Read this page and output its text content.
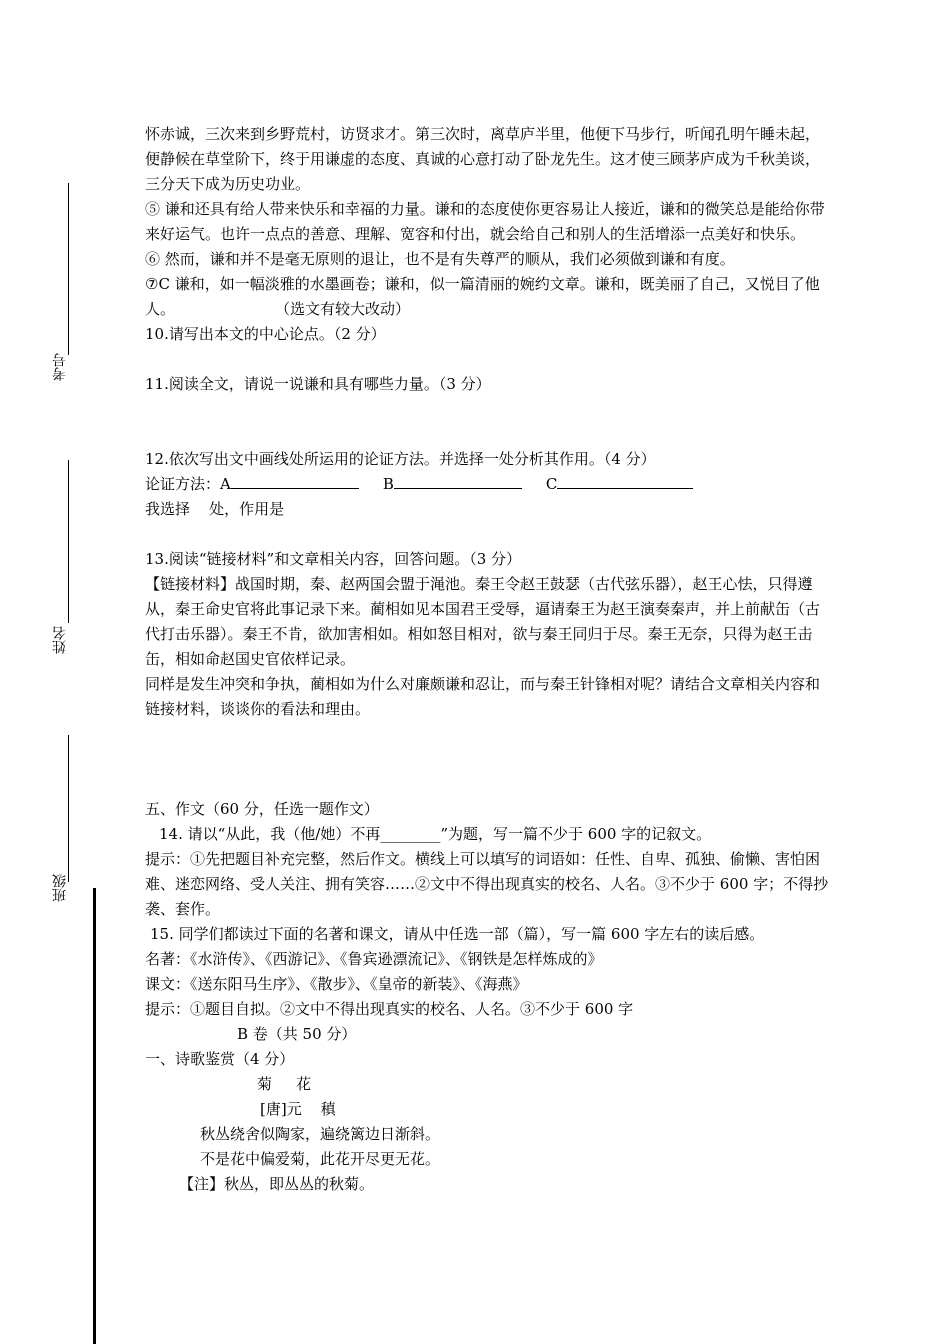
考号
姓名
班级

怀赤诚，三次来到乡野荒村，访贤求才。第三次时，离草庐半里，他便下马步行，听闻孔明午睡未起，便静候在草堂阶下，终于用谦虚的态度、真诚的心意打动了卧龙先生。这才使三顾茅庐成为千秋美谈，三分天下成为历史功业。

⑤ 谦和还具有给人带来快乐和幸福的力量。谦和的态度使你更容易让人接近，谦和的微笑总是能给你带来好运气。也许一点点的善意、理解、宽容和付出，就会给自己和别人的生活增添一点美好和快乐。

⑥ 然而，谦和并不是毫无原则的退让，也不是有失尊严的顺从，我们必须做到谦和有度。

⑦C 谦和，如一幅淡雅的水墨画卷；谦和，似一篇清丽的婉约文章。谦和，既美丽了自己，又悦目了他人。	（选文有较大改动）

10.请写出本文的中心论点。（2 分）

11.阅读全文，请说一说谦和具有哪些力量。（3 分）

12.依次写出文中画线处所运用的论证方法。并选择一处分析其作用。（4 分）

论证方法：A	B	C

我选择    处，作用是

13.阅读“链接材料”和文章相关内容，回答问题。（3 分）

【链接材料】战国时期，秦、赵两国会盟于渑池。秦王令赵王鼓瑟（古代弦乐器），赵王心怯，只得遵从，秦王命史官将此事记录下来。蔺相如见本国君王受辱，逼请秦王为赵王演奏秦声，并上前献缶（古代打击乐器）。秦王不肯，欲加害相如。相如怒目相对，欲与秦王同归于尽。秦王无奈，只得为赵王击缶，相如命赵国史官依样记录。

同样是发生冲突和争执，蔺相如为什么对廉颇谦和忍让，而与秦王针锋相对呢？请结合文章相关内容和链接材料，谈谈你的看法和理由。

五、作文（60 分，任选一题作文）

14. 请以“从此，我（他/她）不再________”为题，写一篇不少于 600 字的记叙文。

提示：①先把题目补充完整，然后作文。横线上可以填写的词语如：任性、自卑、孤独、偷懒、害怕困难、迷恋网络、受人关注、拥有笑容……②文中不得出现真实的校名、人名。③不少于 600 字；不得抄袭、套作。

15. 同学们都读过下面的名著和课文，请从中任选一部（篇），写一篇 600 字左右的读后感。

名著：《水浒传》、《西游记》、《鲁宾逊漂流记》、《钢铁是怎样炼成的》

课文：《送东阳马生序》、《散步》、《皇帝的新装》、《海燕》

提示：①题目自拟。②文中不得出现真实的校名、人名。③不少于 600 字

B 卷（共 50 分）

一、诗歌鉴赏（4 分）

菊    花

[唐]元    稹

秋丛绕舍似陶家，遍绕篱边日渐斜。

不是花中偏爱菊，此花开尽更无花。

【注】秋丛，即丛丛的秋菊。
